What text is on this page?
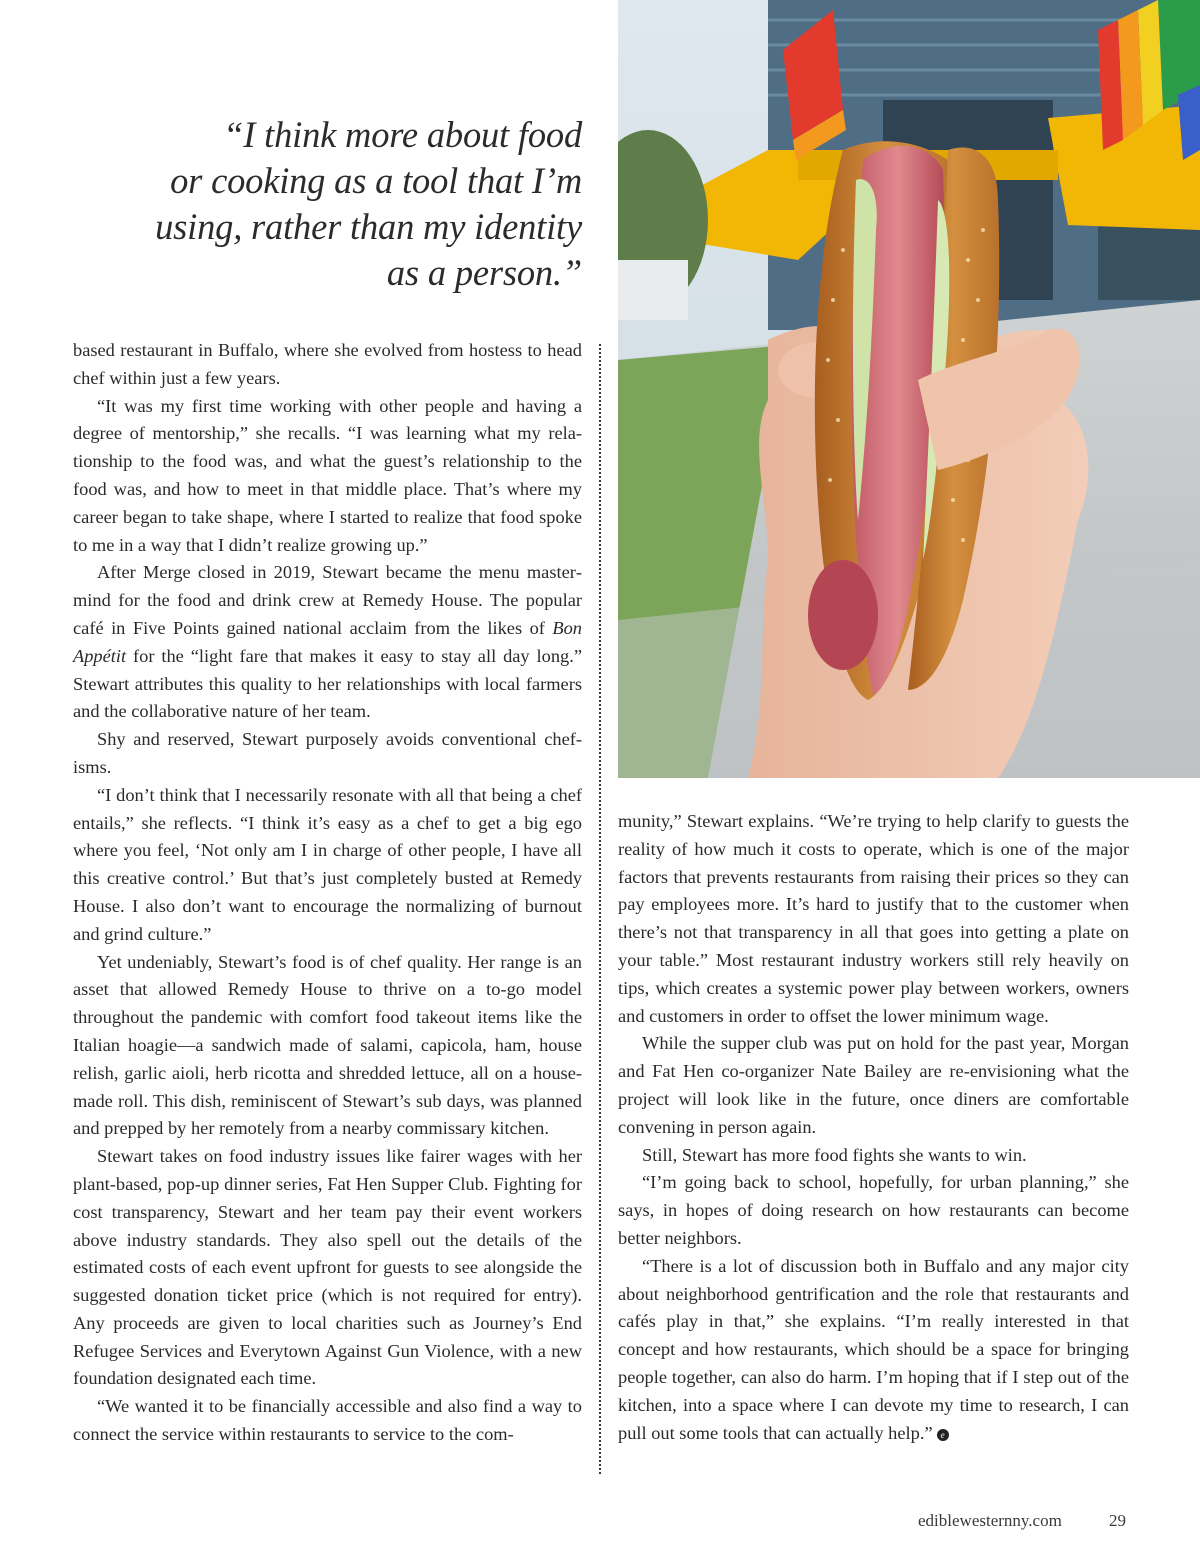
“I think more about food
or cooking as a tool that I’m
using, rather than my identity
as a person.”

based restaurant in Buffalo, where she evolved from hostess to head chef within just a few years.

“It was my first time working with other people and having a degree of mentorship,” she recalls. “I was learning what my relationship to the food was, and what the guest’s relationship to the food was, and how to meet in that middle place. That’s where my career began to take shape, where I started to realize that food spoke to me in a way that I didn’t realize growing up.”

After Merge closed in 2019, Stewart became the menu mastermind for the food and drink crew at Remedy House. The popular café in Five Points gained national acclaim from the likes of Bon Appétit for the “light fare that makes it easy to stay all day long.” Stewart attributes this quality to her relationships with local farmers and the collaborative nature of her team.

Shy and reserved, Stewart purposely avoids conventional chef-isms.

“I don’t think that I necessarily resonate with all that being a chef entails,” she reflects. “I think it’s easy as a chef to get a big ego where you feel, ‘Not only am I in charge of other people, I have all this creative control.’ But that’s just completely busted at Remedy House. I also don’t want to encourage the normalizing of burnout and grind culture.”

Yet undeniably, Stewart’s food is of chef quality. Her range is an asset that allowed Remedy House to thrive on a to-go model throughout the pandemic with comfort food takeout items like the Italian hoagie—a sandwich made of salami, capicola, ham, house relish, garlic aioli, herb ricotta and shredded lettuce, all on a house-made roll. This dish, reminiscent of Stewart’s sub days, was planned and prepped by her remotely from a nearby commissary kitchen.

Stewart takes on food industry issues like fairer wages with her plant-based, pop-up dinner series, Fat Hen Supper Club. Fighting for cost transparency, Stewart and her team pay their event workers above industry standards. They also spell out the details of the estimated costs of each event upfront for guests to see alongside the suggested donation ticket price (which is not required for entry). Any proceeds are given to local charities such as Journey’s End Refugee Services and Everytown Against Gun Violence, with a new foundation designated each time.

“We wanted it to be financially accessible and also find a way to connect the service within restaurants to service to the com-

munity,” Stewart explains. “We’re trying to help clarify to guests the reality of how much it costs to operate, which is one of the major factors that prevents restaurants from raising their prices so they can pay employees more. It’s hard to justify that to the customer when there’s not that transparency in all that goes into getting a plate on your table.” Most restaurant industry workers still rely heavily on tips, which creates a systemic power play between workers, owners and customers in order to offset the lower minimum wage.

While the supper club was put on hold for the past year, Morgan and Fat Hen co-organizer Nate Bailey are re-envisioning what the project will look like in the future, once diners are comfortable convening in person again.

Still, Stewart has more food fights she wants to win.

“I’m going back to school, hopefully, for urban planning,” she says, in hopes of doing research on how restaurants can become better neighbors.

“There is a lot of discussion both in Buffalo and any major city about neighborhood gentrification and the role that restaurants and cafés play in that,” she explains. “I’m really interested in that concept and how restaurants, which should be a space for bringing people together, can also do harm. I’m hoping that if I step out of the kitchen, into a space where I can devote my time to research, I can pull out some tools that can actually help.” e

ediblewesternny.com	29
